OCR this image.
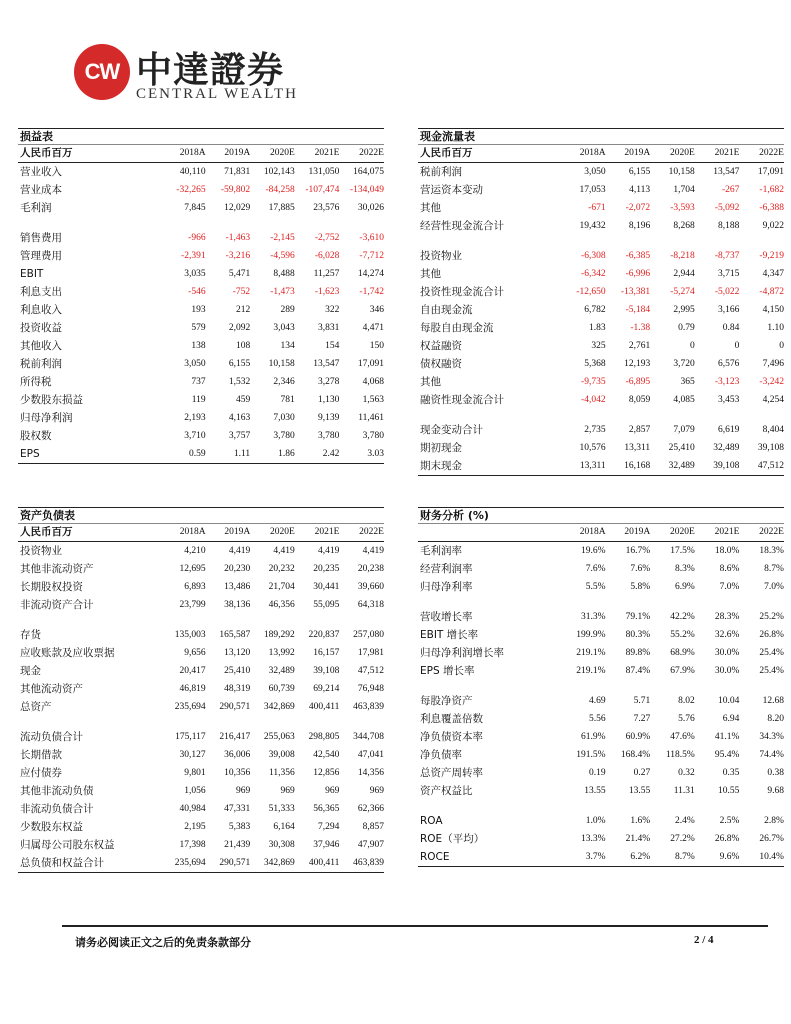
CW 中達證券
CENTRAL WEALTH
损益表
人民币百万	2018A	2019A	2020E	2021E	2022E
营业收入	40,110	71,831	102,143	131,050	164,075
营业成本	-32,265	-59,802	-84,258	-107,474	-134,049
毛利润	7,845	12,029	17,885	23,576	30,026
销售费用	-966	-1,463	-2,145	-2,752	-3,610
管理费用	-2,391	-3,216	-4,596	-6,028	-7,712
EBIT	3,035	5,471	8,488	11,257	14,274
利息支出	-546	-752	-1,473	-1,623	-1,742
利息收入	193	212	289	322	346
投资收益	579	2,092	3,043	3,831	4,471
其他收入	138	108	134	154	150
税前利润	3,050	6,155	10,158	13,547	17,091
所得税	737	1,532	2,346	3,278	4,068
少数股东损益	119	459	781	1,130	1,563
归母净利润	2,193	4,163	7,030	9,139	11,461
股权数	3,710	3,757	3,780	3,780	3,780
EPS	0.59	1.11	1.86	2.42	3.03
现金流量表
人民币百万	2018A	2019A	2020E	2021E	2022E
税前利润	3,050	6,155	10,158	13,547	17,091
营运资本变动	17,053	4,113	1,704	-267	-1,682
其他	-671	-2,072	-3,593	-5,092	-6,388
经营性现金流合计	19,432	8,196	8,268	8,188	9,022
投资物业	-6,308	-6,385	-8,218	-8,737	-9,219
其他	-6,342	-6,996	2,944	3,715	4,347
投资性现金流合计	-12,650	-13,381	-5,274	-5,022	-4,872
自由现金流	6,782	-5,184	2,995	3,166	4,150
每股自由现金流	1.83	-1.38	0.79	0.84	1.10
权益融资	325	2,761	0	0	0
债权融资	5,368	12,193	3,720	6,576	7,496
其他	-9,735	-6,895	365	-3,123	-3,242
融资性现金流合计	-4,042	8,059	4,085	3,453	4,254
现金变动合计	2,735	2,857	7,079	6,619	8,404
期初现金	10,576	13,311	25,410	32,489	39,108
期末现金	13,311	16,168	32,489	39,108	47,512
资产负债表
人民币百万	2018A	2019A	2020E	2021E	2022E
投资物业	4,210	4,419	4,419	4,419	4,419
其他非流动资产	12,695	20,230	20,232	20,235	20,238
长期股权投资	6,893	13,486	21,704	30,441	39,660
非流动资产合计	23,799	38,136	46,356	55,095	64,318
存货	135,003	165,587	189,292	220,837	257,080
应收账款及应收票据	9,656	13,120	13,992	16,157	17,981
现金	20,417	25,410	32,489	39,108	47,512
其他流动资产	46,819	48,319	60,739	69,214	76,948
总资产	235,694	290,571	342,869	400,411	463,839
流动负债合计	175,117	216,417	255,063	298,805	344,708
长期借款	30,127	36,006	39,008	42,540	47,041
应付债券	9,801	10,356	11,356	12,856	14,356
其他非流动负债	1,056	969	969	969	969
非流动负债合计	40,984	47,331	51,333	56,365	62,366
少数股东权益	2,195	5,383	6,164	7,294	8,857
归属母公司股东权益	17,398	21,439	30,308	37,946	47,907
总负债和权益合计	235,694	290,571	342,869	400,411	463,839
财务分析 (%)
2018A	2019A	2020E	2021E	2022E
毛利润率	19.6%	16.7%	17.5%	18.0%	18.3%
经营利润率	7.6%	7.6%	8.3%	8.6%	8.7%
归母净利率	5.5%	5.8%	6.9%	7.0%	7.0%
营收增长率	31.3%	79.1%	42.2%	28.3%	25.2%
EBIT 增长率	199.9%	80.3%	55.2%	32.6%	26.8%
归母净利润增长率	219.1%	89.8%	68.9%	30.0%	25.4%
EPS 增长率	219.1%	87.4%	67.9%	30.0%	25.4%
每股净资产	4.69	5.71	8.02	10.04	12.68
利息覆盖倍数	5.56	7.27	5.76	6.94	8.20
净负债资本率	61.9%	60.9%	47.6%	41.1%	34.3%
净负债率	191.5%	168.4%	118.5%	95.4%	74.4%
总资产周转率	0.19	0.27	0.32	0.35	0.38
资产权益比	13.55	13.55	11.31	10.55	9.68
ROA	1.0%	1.6%	2.4%	2.5%	2.8%
ROE（平均）	13.3%	21.4%	27.2%	26.8%	26.7%
ROCE	3.7%	6.2%	8.7%	9.6%	10.4%
请务必阅读正文之后的免责条款部分	2 / 4
